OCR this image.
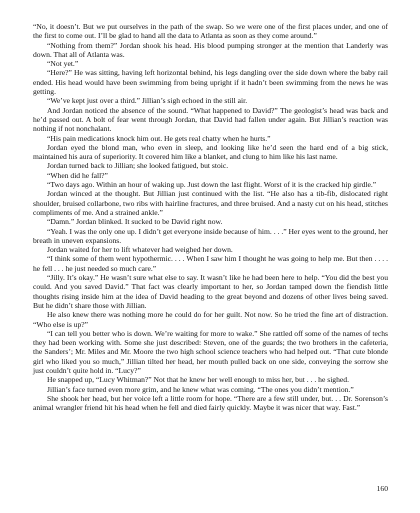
“No, it doesn’t. But we put ourselves in the path of the swap. So we were one of the first places under, and one of the first to come out. I’ll be glad to hand all the data to Atlanta as soon as they come around.”

“Nothing from them?” Jordan shook his head. His blood pumping stronger at the mention that Landerly was down. That all of Atlanta was.

“Not yet.”

“Here?” He was sitting, having left horizontal behind, his legs dangling over the side down where the baby rail ended. His head would have been swimming from being upright if it hadn’t been swimming from the news he was getting.

“We’ve kept just over a third.” Jillian’s sigh echoed in the still air.

And Jordan noticed the absence of the sound. “What happened to David?” The geologist’s head was back and he’d passed out. A bolt of fear went through Jordan, that David had fallen under again. But Jillian’s reaction was nothing if not nonchalant.

“His pain medications knock him out. He gets real chatty when he hurts.”

Jordan eyed the blond man, who even in sleep, and looking like he’d seen the hard end of a big stick, maintained his aura of superiority. It covered him like a blanket, and clung to him like his last name.

Jordan turned back to Jillian; she looked fatigued, but stoic.

“When did he fall?”

“Two days ago. Within an hour of waking up. Just down the last flight. Worst of it is the cracked hip girdle.”

Jordan winced at the thought. But Jillian just continued with the list. “He also has a tib-fib, dislocated right shoulder, bruised collarbone, two ribs with hairline fractures, and three bruised. And a nasty cut on his head, stitches compliments of me. And a strained ankle.”

“Damn.” Jordan blinked. It sucked to be David right now.

“Yeah. I was the only one up. I didn’t get everyone inside because of him. . . .” Her eyes went to the ground, her breath in uneven expansions.

Jordan waited for her to lift whatever had weighed her down.

“I think some of them went hypothermic. . . . When I saw him I thought he was going to help me. But then . . . . he fell . . . he just needed so much care.”

“Jilly. It’s okay.” He wasn’t sure what else to say. It wasn’t like he had been here to help. “You did the best you could. And you saved David.” That fact was clearly important to her, so Jordan tamped down the fiendish little thoughts rising inside him at the idea of David heading to the great beyond and dozens of other lives being saved. But he didn’t share those with Jillian.

He also knew there was nothing more he could do for her guilt. Not now. So he tried the fine art of distraction. “Who else is up?”

“I can tell you better who is down. We’re waiting for more to wake.” She rattled off some of the names of techs they had been working with. Some she just described: Steven, one of the guards; the two brothers in the cafeteria, the Sanders’; Mr. Miles and Mr. Moore the two high school science teachers who had helped out. “That cute blonde girl who liked you so much,” Jillian tilted her head, her mouth pulled back on one side, conveying the sorrow she just couldn’t quite hold in. “Lucy?”

He snapped up, “Lucy Whitman?” Not that he knew her well enough to miss her, but . . . he sighed.

Jillian’s face turned even more grim, and he knew what was coming. “The ones you didn’t mention.”

She shook her head, but her voice left a little room for hope. “There are a few still under, but. . . Dr. Sorenson’s animal wrangler friend hit his head when he fell and died fairly quickly. Maybe it was nicer that way. Fast.”

160
